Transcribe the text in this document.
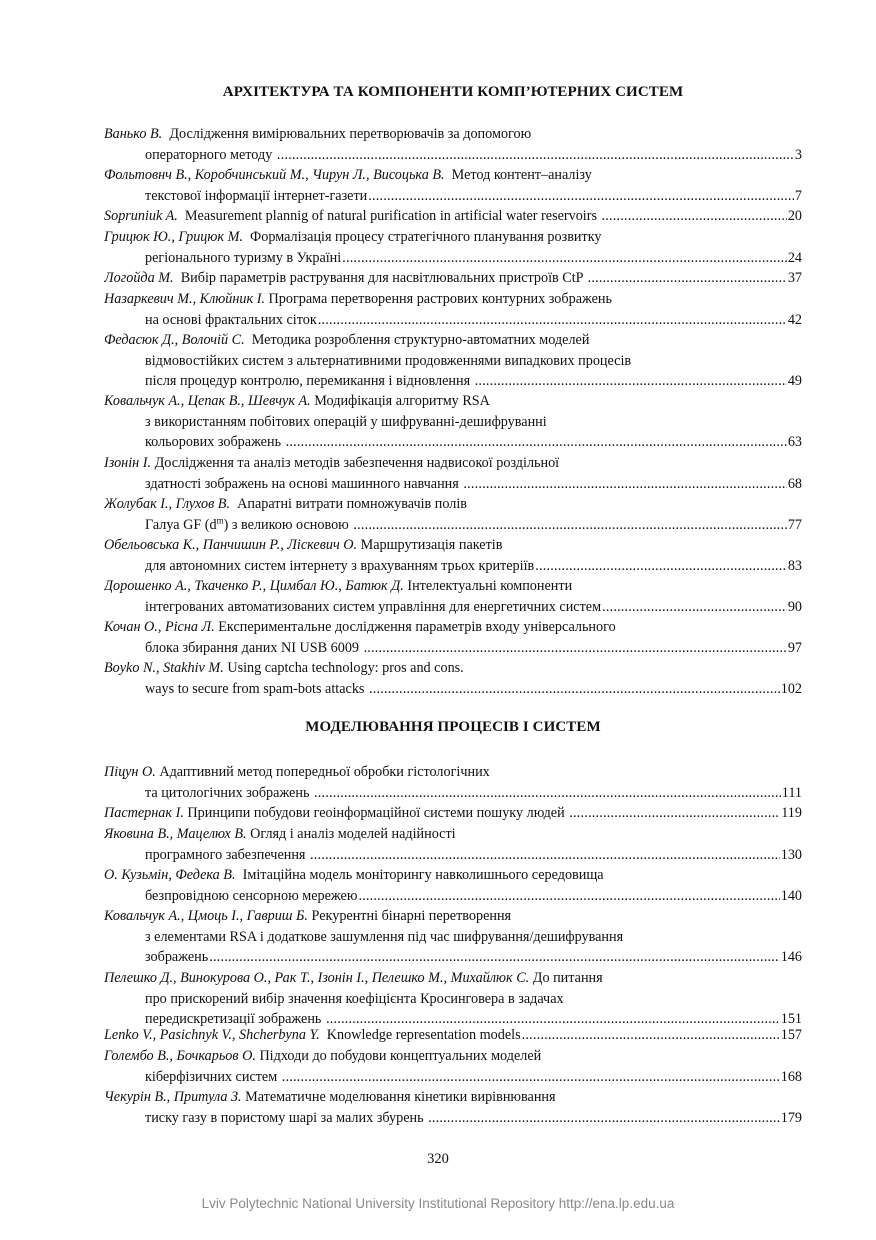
АРХІТЕКТУРА ТА КОМПОНЕНТИ КОМП’ЮТЕРНИХ СИСТЕМ
Ванько В. Дослідження вимірювальних перетворювачів за допомогою
операторного методу .....	3
Фольтовнч В., Коробчинський М., Чирун Л., Висоцька В. Метод контент–аналізу
текстової інформації інтернет-газети .....	7
Sopruniuk A. Measurement plannig of natural purification in artificial water reservoirs .....	20
Грицюк Ю., Грицюк М. Формалізація процесу стратегічного планування розвитку
регіонального туризму в Україні .....	24
Логойда М. Вибір параметрів растрування для насвітлювальних пристроїв CtP .....	37
Назаркевич М., Клюйник І. Програма перетворення растрових контурних зображень
на основі фрактальних сіток .....	42
Федасюк Д., Волочій С. Методика розроблення структурно-автоматних моделей
відмовостійких систем з альтернативними продовженнями випадкових процесів
після процедур контролю, перемикання і відновлення .....	49
Ковальчук А., Цепак В., Шевчук А. Модифікація алгоритму RSA
з використанням побітових операцій у шифруванні-дешифруванні
кольорових зображень .....	63
Ізонін І. Дослідження та аналіз методів забезпечення надвисокої роздільної
здатності зображень на основі машинного навчання .....	68
Жолубак І., Глухов В. Апаратні витрати помножувачів полів
Галуа GF $(d^m)$ з великою основою .....	77
Обельовська К., Панчишин Р., Ліскевич О. Маршрутизація пакетів
для автономних систем інтернету з врахуванням трьох критеріїв .....	83
Дорошенко А., Ткаченко Р., Цимбал Ю., Батюк Д. Інтелектуальні компоненти
інтегрованих автоматизованих систем управління для енергетичних систем .....	90
Кочан О., Рісна Л. Експериментальне дослідження параметрів входу універсального
блока збирання даних NI USB 6009 .....	97
Boyko N., Stakhiv M. Using captcha technology: pros and cons.
ways to secure from spam-bots attacks .....	102
МОДЕЛЮВАННЯ ПРОЦЕСІВ І СИСТЕМ
Піцун О. Адаптивний метод попередньої обробки гістологічних
та цитологічних зображень .....	111
Пастернак І. Принципи побудови геоінформаційної системи пошуку людей .....	119
Яковина В., Мацелюх В. Огляд і аналіз моделей надійності
програмного забезпечення .....	130
О. Кузьмін, Федека В. Імітаційна модель моніторингу навколишнього середовища
безпровідною сенсорною мережею .....	140
Ковальчук А., Цмоць І., Гавриш Б. Рекурентні бінарні перетворення
з елементами RSA і додаткове зашумлення під час шифрування/дешифрування
зображень .....	146
Пелешко Д., Винокурова О., Рак Т., Ізонін І., Пелешко М., Михайлюк С. До питання
про прискорений вибір значення коефіцієнта Кросинговера в задачах
передискретизації зображень .....	151
Lenko V., Pasichnyk V., Shcherbyna Y. Knowledge representation models .....	157
Голембо В., Бочкарьов О. Підходи до побудови концептуальних моделей
кіберфізичних систем .....	168
Чекурін В., Притула З. Математичне моделювання кінетики вирівнювання
тиску газу в пористому шарі за малих збурень .....	179
320
Lviv Polytechnic National University Institutional Repository http://ena.lp.edu.ua
